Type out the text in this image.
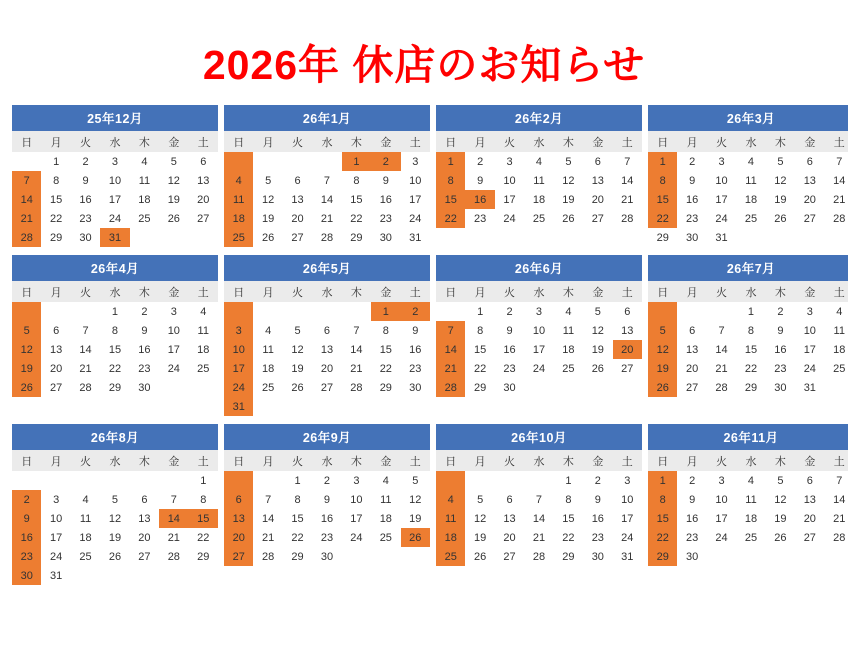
2026年 休店のお知らせ
25年12月
日	月	火	水	木	金	土
	1	2	3	4	5	6
7	8	9	10	11	12	13
14	15	16	17	18	19	20
21	22	23	24	25	26	27
28	29	30	31			
26年1月
日	月	火	水	木	金	土
				1	2	3
4	5	6	7	8	9	10
11	12	13	14	15	16	17
18	19	20	21	22	23	24
25	26	27	28	29	30	31
26年2月
日	月	火	水	木	金	土
1	2	3	4	5	6	7
8	9	10	11	12	13	14
15	16	17	18	19	20	21
22	23	24	25	26	27	28
26年3月
日	月	火	水	木	金	土
1	2	3	4	5	6	7
8	9	10	11	12	13	14
15	16	17	18	19	20	21
22	23	24	25	26	27	28
29	30	31				
26年4月
日	月	火	水	木	金	土
			1	2	3	4
5	6	7	8	9	10	11
12	13	14	15	16	17	18
19	20	21	22	23	24	25
26	27	28	29	30		
26年5月
日	月	火	水	木	金	土
					1	2
3	4	5	6	7	8	9
10	11	12	13	14	15	16
17	18	19	20	21	22	23
24	25	26	27	28	29	30
31						
26年6月
日	月	火	水	木	金	土
	1	2	3	4	5	6
7	8	9	10	11	12	13
14	15	16	17	18	19	20
21	22	23	24	25	26	27
28	29	30				
26年7月
日	月	火	水	木	金	土
			1	2	3	4
5	6	7	8	9	10	11
12	13	14	15	16	17	18
19	20	21	22	23	24	25
26	27	28	29	30	31	
26年8月
日	月	火	水	木	金	土
						1
2	3	4	5	6	7	8
9	10	11	12	13	14	15
16	17	18	19	20	21	22
23	24	25	26	27	28	29
30	31					
26年9月
日	月	火	水	木	金	土
		1	2	3	4	5
6	7	8	9	10	11	12
13	14	15	16	17	18	19
20	21	22	23	24	25	26
27	28	29	30			
26年10月
日	月	火	水	木	金	土
				1	2	3
4	5	6	7	8	9	10
11	12	13	14	15	16	17
18	19	20	21	22	23	24
25	26	27	28	29	30	31
26年11月
日	月	火	水	木	金	土
1	2	3	4	5	6	7
8	9	10	11	12	13	14
15	16	17	18	19	20	21
22	23	24	25	26	27	28
29	30					
